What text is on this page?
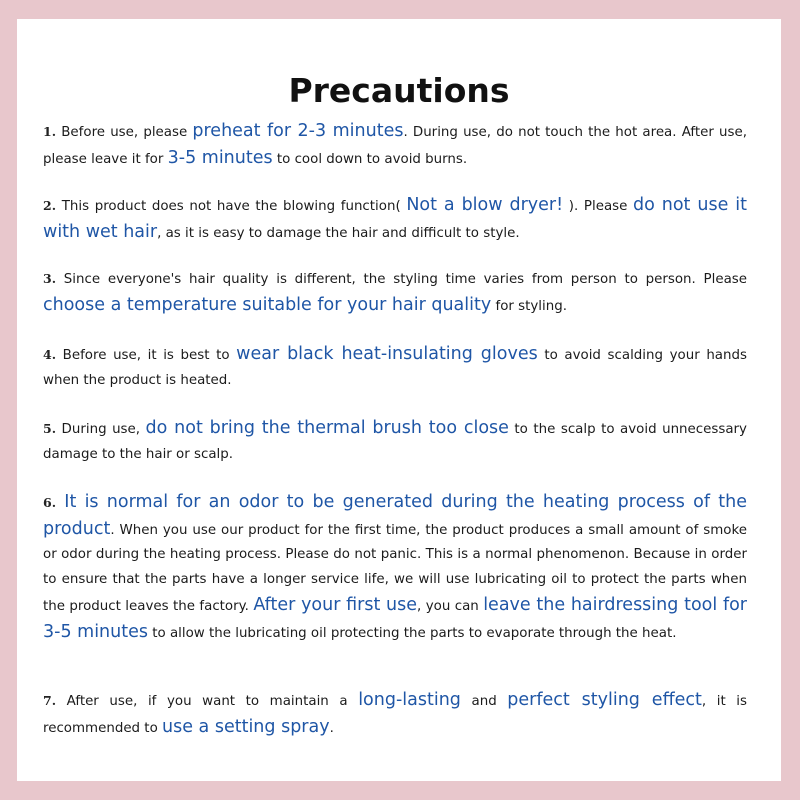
Precautions

1. Before use, please preheat for 2-3 minutes. During use, do not touch the hot area. After use, please leave it for 3-5 minutes to cool down to avoid burns.

2. This product does not have the blowing function( Not a blow dryer! ). Please do not use it with wet hair, as it is easy to damage the hair and difficult to style.

3. Since everyone's hair quality is different, the styling time varies from person to person. Please choose a temperature suitable for your hair quality for styling.

4. Before use, it is best to wear black heat-insulating gloves to avoid scalding your hands when the product is heated.

5. During use, do not bring the thermal brush too close to the scalp to avoid unnecessary damage to the hair or scalp.

6. It is normal for an odor to be generated during the heating process of the product. When you use our product for the first time, the product produces a small amount of smoke or odor during the heating process. Please do not panic. This is a normal phenomenon. Because in order to ensure that the parts have a longer service life, we will use lubricating oil to protect the parts when the product leaves the factory. After your first use, you can leave the hairdressing tool for 3-5 minutes to allow the lubricating oil protecting the parts to evaporate through the heat.

7. After use, if you want to maintain a long-lasting and perfect styling effect, it is recommended to use a setting spray.
